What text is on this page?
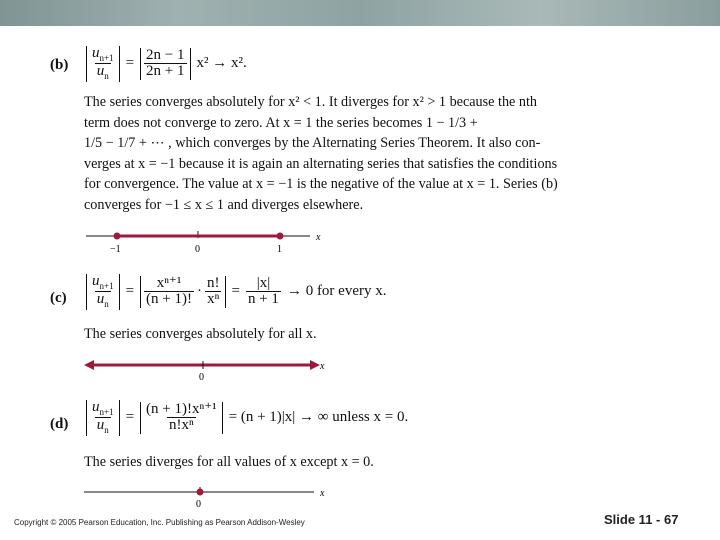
$(b) \frac{u_{n+1}}{u_n} = \frac{2n - 1}{2n + 1} x^2 \to x^2$.
The series converges absolutely for x² < 1. It diverges for x² > 1 because the nth
term does not converge to zero. At x = 1 the series becomes 1 − 1/3 +
1/5 − 1/7 + ⋯ , which converges by the Alternating Series Theorem. It also con-
verges at x = −1 because it is again an alternating series that satisfies the conditions
for convergence. The value at x = −1 is the negative of the value at x = 1. Series (b)
converges for −1 ≤ x ≤ 1 and diverges elsewhere.
−1	0	1
x
$(c) \frac{u_{n+1}}{u_n} = \frac{\text{xⁿ⁺¹}}{(n + 1)!} \cdot \frac{n!}{\text{xⁿ}} = \frac{|x|}{n + 1} \to 0$ for every x.
The series converges absolutely for all x.
0
x
$(d) \frac{u_{n+1}}{u_n} = \frac{\text{(n + 1)!xⁿ⁺¹}}{\text{n!xⁿ}} = (n + 1)|x|$ → ∞ unless x = 0.
The series diverges for all values of x except x = 0.
0
x
Copyright © 2005 Pearson Education, Inc. Publishing as Pearson Addison-Wesley	Slide 11 - 67
